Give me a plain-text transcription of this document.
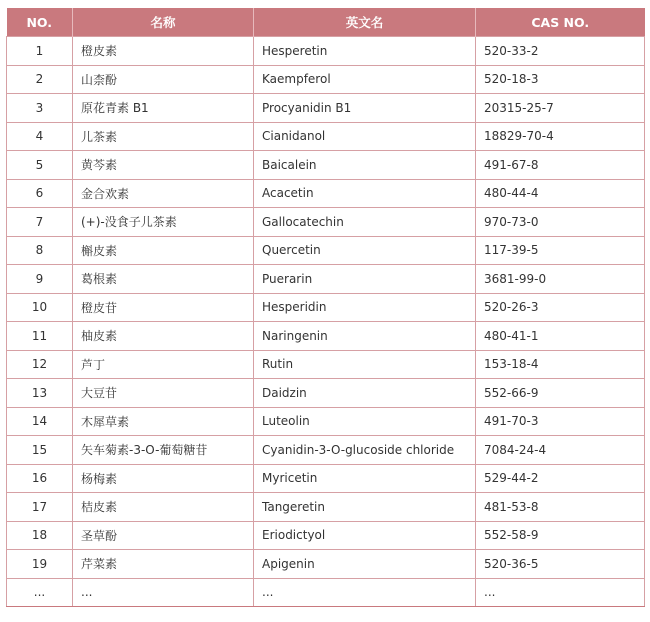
NO.	名称	英文名	CAS NO.
1	橙皮素	Hesperetin	520-33-2
2	山柰酚	Kaempferol	520-18-3
3	原花青素 B1	Procyanidin B1	20315-25-7
4	儿茶素	Cianidanol	18829-70-4
5	黄芩素	Baicalein	491-67-8
6	金合欢素	Acacetin	480-44-4
7	(+)-没食子儿茶素	Gallocatechin	970-73-0
8	槲皮素	Quercetin	117-39-5
9	葛根素	Puerarin	3681-99-0
10	橙皮苷	Hesperidin	520-26-3
11	柚皮素	Naringenin	480-41-1
12	芦丁	Rutin	153-18-4
13	大豆苷	Daidzin	552-66-9
14	木犀草素	Luteolin	491-70-3
15	矢车菊素-3-O-葡萄糖苷	Cyanidin-3-O-glucoside chloride	7084-24-4
16	杨梅素	Myricetin	529-44-2
17	桔皮素	Tangeretin	481-53-8
18	圣草酚	Eriodictyol	552-58-9
19	芹菜素	Apigenin	520-36-5
...	...	...	...
